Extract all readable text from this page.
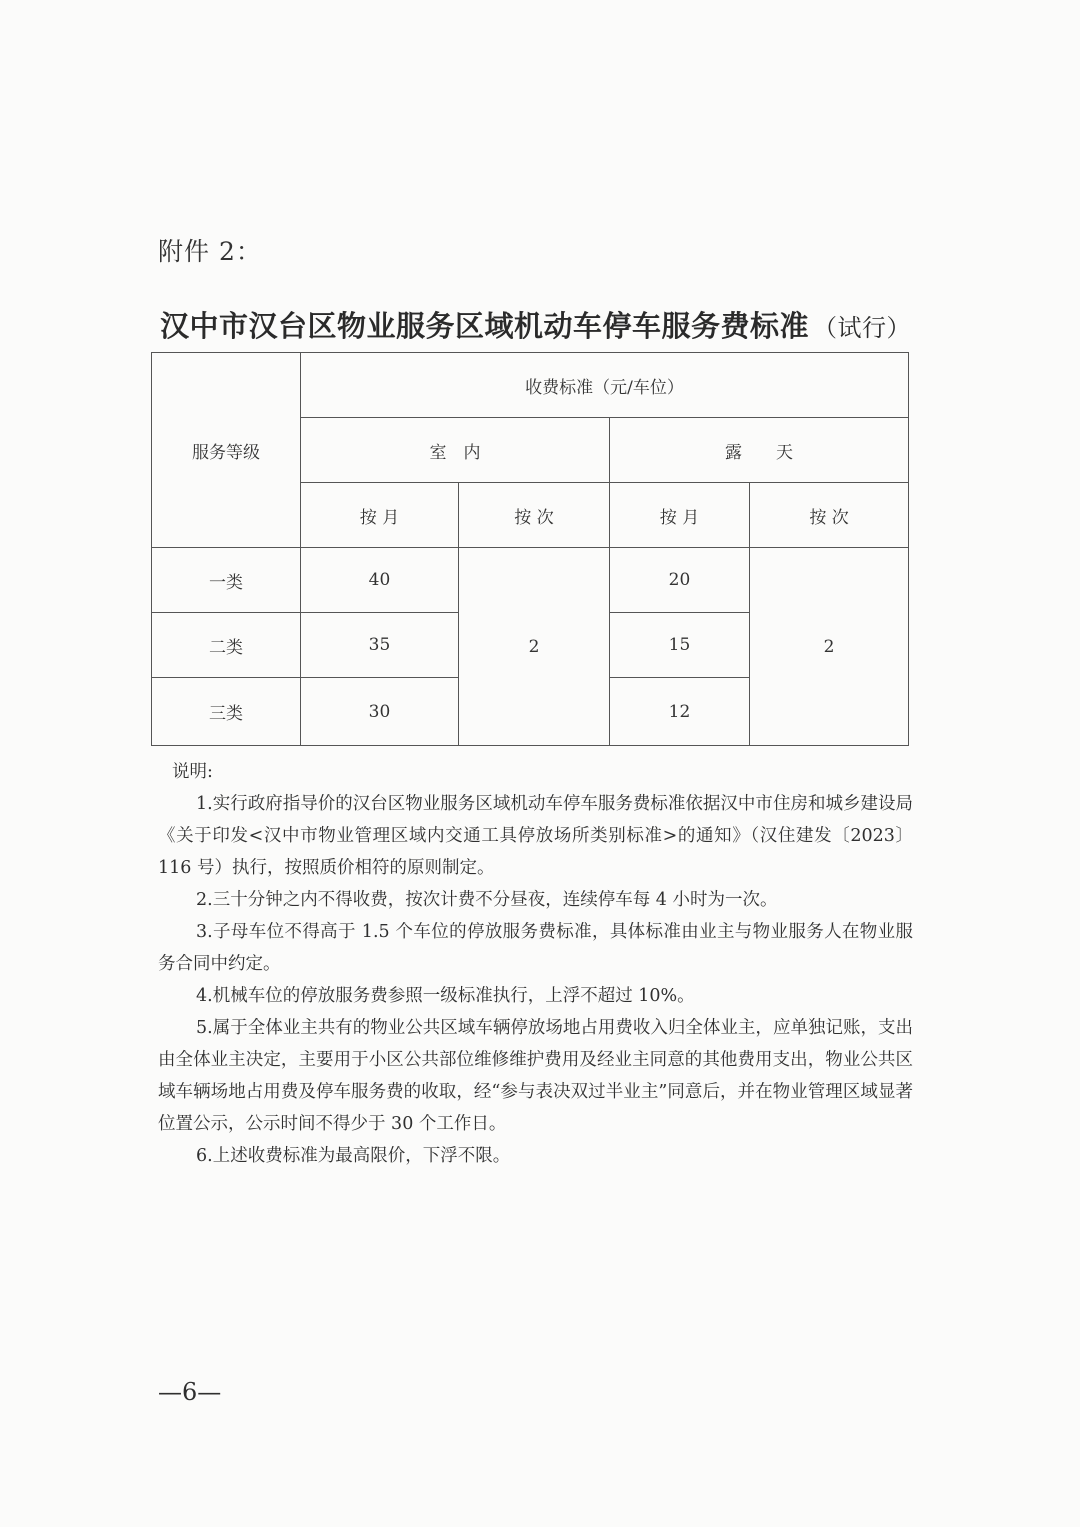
附件 2：
汉中市汉台区物业服务区域机动车停车服务费标准 （试行）
服务等级	收费标准（元/车位）			
	室　内		露　　天	
	按 月	按 次	按 月	按 次
一类	40	2	20	2
二类	35		15	
三类	30		12	

说明:

1.实行政府指导价的汉台区物业服务区域机动车停车服务费标准依据汉中市住房和城乡建设局《关于印发<汉中市物业管理区域内交通工具停放场所类别标准>的通知》（汉住建发〔2023〕116 号）执行，按照质价相符的原则制定。

2.三十分钟之内不得收费，按次计费不分昼夜，连续停车每 4 小时为一次。

3.子母车位不得高于 1.5 个车位的停放服务费标准，具体标准由业主与物业服务人在物业服务合同中约定。

4.机械车位的停放服务费参照一级标准执行，上浮不超过 10%。

5.属于全体业主共有的物业公共区域车辆停放场地占用费收入归全体业主，应单独记账，支出由全体业主决定，主要用于小区公共部位维修维护费用及经业主同意的其他费用支出，物业公共区域车辆场地占用费及停车服务费的收取，经“参与表决双过半业主”同意后，并在物业管理区域显著位置公示，公示时间不得少于 30 个工作日。

6.上述收费标准为最高限价，下浮不限。

—6—
